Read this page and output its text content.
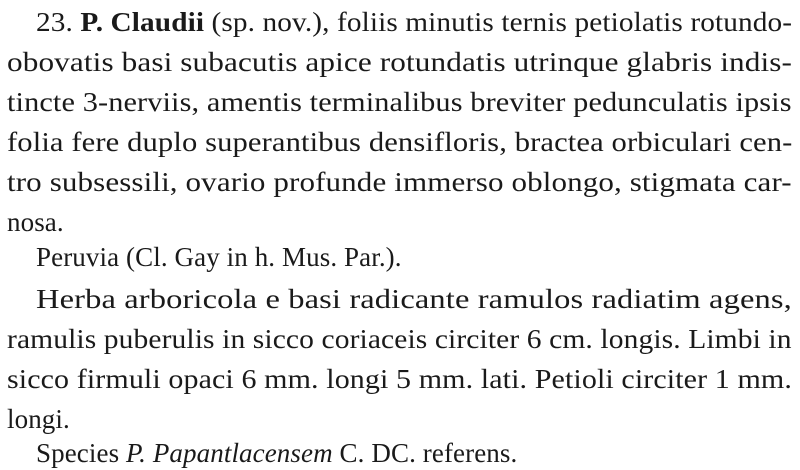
23. P. Claudii (sp. nov.), foliis minutis ternis petiolatis rotundo-
obovatis basi subacutis apice rotundatis utrinque glabris indis-
tincte 3-nerviis, amentis terminalibus breviter pedunculatis ipsis
folia fere duplo superantibus densifloris, bractea orbiculari cen-
tro subsessili, ovario profunde immerso oblongo, stigmata car-
nosa.
Peruvia (Cl. Gay in h. Mus. Par.).
Herba arboricola e basi radicante ramulos radiatim agens,
ramulis puberulis in sicco coriaceis circiter 6 cm. longis. Limbi in
sicco firmuli opaci 6 mm. longi 5 mm. lati. Petioli circiter 1 mm.
longi.
Species P. Papantlacensem C. DC. referens.
